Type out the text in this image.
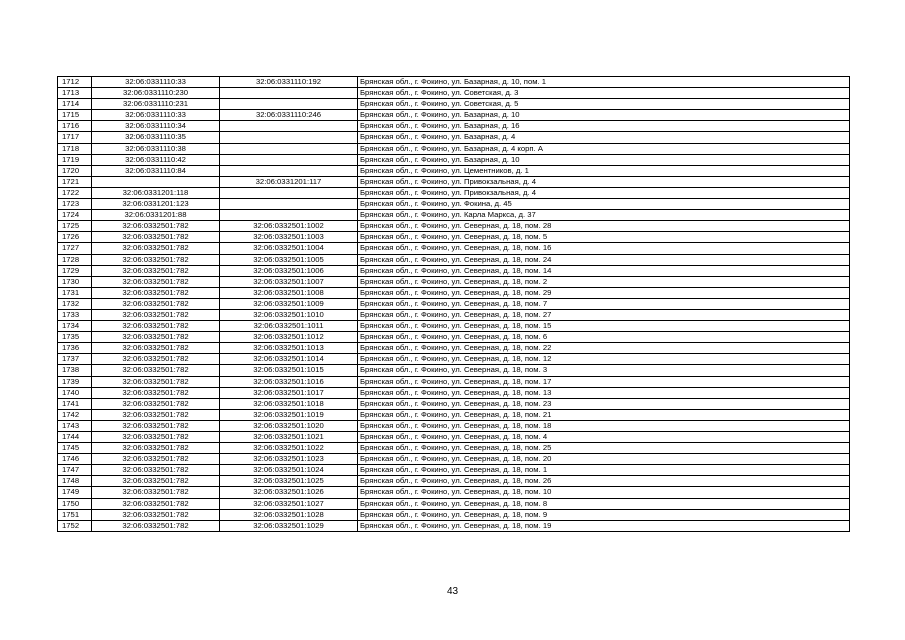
1712	32:06:0331110:33	32:06:0331110:192	Брянская обл., г. Фокино, ул. Базарная, д. 10, пом. 1
1713	32:06:0331110:230		Брянская обл., г. Фокино, ул. Советская, д. 3
1714	32:06:0331110:231		Брянская обл., г. Фокино, ул. Советская, д. 5
1715	32:06:0331110:33	32:06:0331110:246	Брянская обл., г. Фокино, ул. Базарная, д. 10
1716	32:06:0331110:34		Брянская обл., г. Фокино, ул. Базарная, д. 16
1717	32:06:0331110:35		Брянская обл., г. Фокино, ул. Базарная, д. 4
1718	32:06:0331110:38		Брянская обл., г. Фокино, ул. Базарная, д. 4 корп. А
1719	32:06:0331110:42		Брянская обл., г. Фокино, ул. Базарная, д. 10
1720	32:06:0331110:84		Брянская обл., г. Фокино, ул. Цементников, д. 1
1721		32:06:0331201:117	Брянская обл., г. Фокино, ул. Привокзальная, д. 4
1722	32:06:0331201:118		Брянская обл., г. Фокино, ул. Привокзальная, д. 4
1723	32:06:0331201:123		Брянская обл., г. Фокино, ул. Фокина, д. 45
1724	32:06:0331201:88		Брянская обл., г. Фокино, ул. Карла Маркса, д. 37
1725	32:06:0332501:782	32:06:0332501:1002	Брянская обл., г. Фокино, ул. Северная, д. 18, пом. 28
1726	32:06:0332501:782	32:06:0332501:1003	Брянская обл., г. Фокино, ул. Северная, д. 18, пом. 5
1727	32:06:0332501:782	32:06:0332501:1004	Брянская обл., г. Фокино, ул. Северная, д. 18, пом. 16
1728	32:06:0332501:782	32:06:0332501:1005	Брянская обл., г. Фокино, ул. Северная, д. 18, пом. 24
1729	32:06:0332501:782	32:06:0332501:1006	Брянская обл., г. Фокино, ул. Северная, д. 18, пом. 14
1730	32:06:0332501:782	32:06:0332501:1007	Брянская обл., г. Фокино, ул. Северная, д. 18, пом. 2
1731	32:06:0332501:782	32:06:0332501:1008	Брянская обл., г. Фокино, ул. Северная, д. 18, пом. 29
1732	32:06:0332501:782	32:06:0332501:1009	Брянская обл., г. Фокино, ул. Северная, д. 18, пом. 7
1733	32:06:0332501:782	32:06:0332501:1010	Брянская обл., г. Фокино, ул. Северная, д. 18, пом. 27
1734	32:06:0332501:782	32:06:0332501:1011	Брянская обл., г. Фокино, ул. Северная, д. 18, пом. 15
1735	32:06:0332501:782	32:06:0332501:1012	Брянская обл., г. Фокино, ул. Северная, д. 18, пом. 6
1736	32:06:0332501:782	32:06:0332501:1013	Брянская обл., г. Фокино, ул. Северная, д. 18, пом. 22
1737	32:06:0332501:782	32:06:0332501:1014	Брянская обл., г. Фокино, ул. Северная, д. 18, пом. 12
1738	32:06:0332501:782	32:06:0332501:1015	Брянская обл., г. Фокино, ул. Северная, д. 18, пом. 3
1739	32:06:0332501:782	32:06:0332501:1016	Брянская обл., г. Фокино, ул. Северная, д. 18, пом. 17
1740	32:06:0332501:782	32:06:0332501:1017	Брянская обл., г. Фокино, ул. Северная, д. 18, пом. 13
1741	32:06:0332501:782	32:06:0332501:1018	Брянская обл., г. Фокино, ул. Северная, д. 18, пом. 23
1742	32:06:0332501:782	32:06:0332501:1019	Брянская обл., г. Фокино, ул. Северная, д. 18, пом. 21
1743	32:06:0332501:782	32:06:0332501:1020	Брянская обл., г. Фокино, ул. Северная, д. 18, пом. 18
1744	32:06:0332501:782	32:06:0332501:1021	Брянская обл., г. Фокино, ул. Северная, д. 18, пом. 4
1745	32:06:0332501:782	32:06:0332501:1022	Брянская обл., г. Фокино, ул. Северная, д. 18, пом. 25
1746	32:06:0332501:782	32:06:0332501:1023	Брянская обл., г. Фокино, ул. Северная, д. 18, пом. 20
1747	32:06:0332501:782	32:06:0332501:1024	Брянская обл., г. Фокино, ул. Северная, д. 18, пом. 1
1748	32:06:0332501:782	32:06:0332501:1025	Брянская обл., г. Фокино, ул. Северная, д. 18, пом. 26
1749	32:06:0332501:782	32:06:0332501:1026	Брянская обл., г. Фокино, ул. Северная, д. 18, пом. 10
1750	32:06:0332501:782	32:06:0332501:1027	Брянская обл., г. Фокино, ул. Северная, д. 18, пом. 8
1751	32:06:0332501:782	32:06:0332501:1028	Брянская обл., г. Фокино, ул. Северная, д. 18, пом. 9
1752	32:06:0332501:782	32:06:0332501:1029	Брянская обл., г. Фокино, ул. Северная, д. 18, пом. 19
43
